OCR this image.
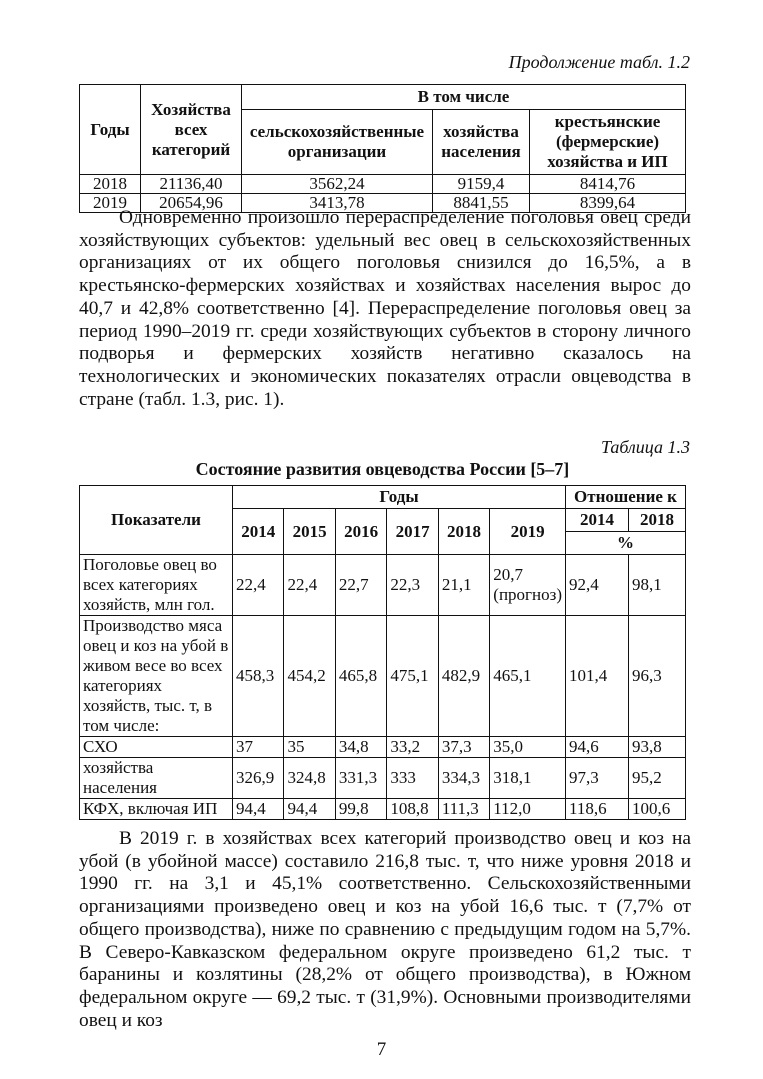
Продолжение табл. 1.2
Годы	Хозяйства всех категорий	В том числе		
		сельскохозяйственные организации	хозяйства населения	крестьянские (фермерские) хозяйства и ИП
2018	21136,40	3562,24	9159,4	8414,76
2019	20654,96	3413,78	8841,55	8399,64

Одновременно произошло перераспределение поголовья овец среди хозяйствующих субъектов: удельный вес овец в сельскохозяйственных организациях от их общего поголовья снизился до 16,5%, а в крестьянско-фермерских хозяйствах и хозяйствах населения вырос до 40,7 и 42,8% соответственно [4]. Перераспределение поголовья овец за период 1990–2019 гг. среди хозяйствующих субъектов в сторону личного подворья и фермерских хозяйств негативно сказалось на технологических и экономических показателях отрасли овцеводства в стране (табл. 1.3, рис. 1).

Таблица 1.3
Состояние развития овцеводства России [5–7]
Показатели	Годы						Отношение к	
	2014	2015	2016	2017	2018	2019	2014	2018
							%	
Поголовье овец во всех категориях хозяйств, млн гол.	22,4	22,4	22,7	22,3	21,1	20,7 (прогноз)	92,4	98,1
Производство мяса овец и коз на убой в живом весе во всех категориях хозяйств, тыс. т, в том числе:	458,3	454,2	465,8	475,1	482,9	465,1	101,4	96,3
СХО	37	35	34,8	33,2	37,3	35,0	94,6	93,8
хозяйства населения	326,9	324,8	331,3	333	334,3	318,1	97,3	95,2
КФХ, включая ИП	94,4	94,4	99,8	108,8	111,3	112,0	118,6	100,6

В 2019 г. в хозяйствах всех категорий производство овец и коз на убой (в убойной массе) составило 216,8 тыс. т, что ниже уровня 2018 и 1990 гг. на 3,1 и 45,1% соответственно. Сельскохозяйственными организациями произведено овец и коз на убой 16,6 тыс. т (7,7% от общего производства), ниже по сравнению с предыдущим годом на 5,7%. В Северо-Кавказском федеральном округе произведено 61,2 тыс. т баранины и козлятины (28,2% от общего производства), в Южном федеральном округе — 69,2 тыс. т (31,9%). Основными производителями овец и коз

7
